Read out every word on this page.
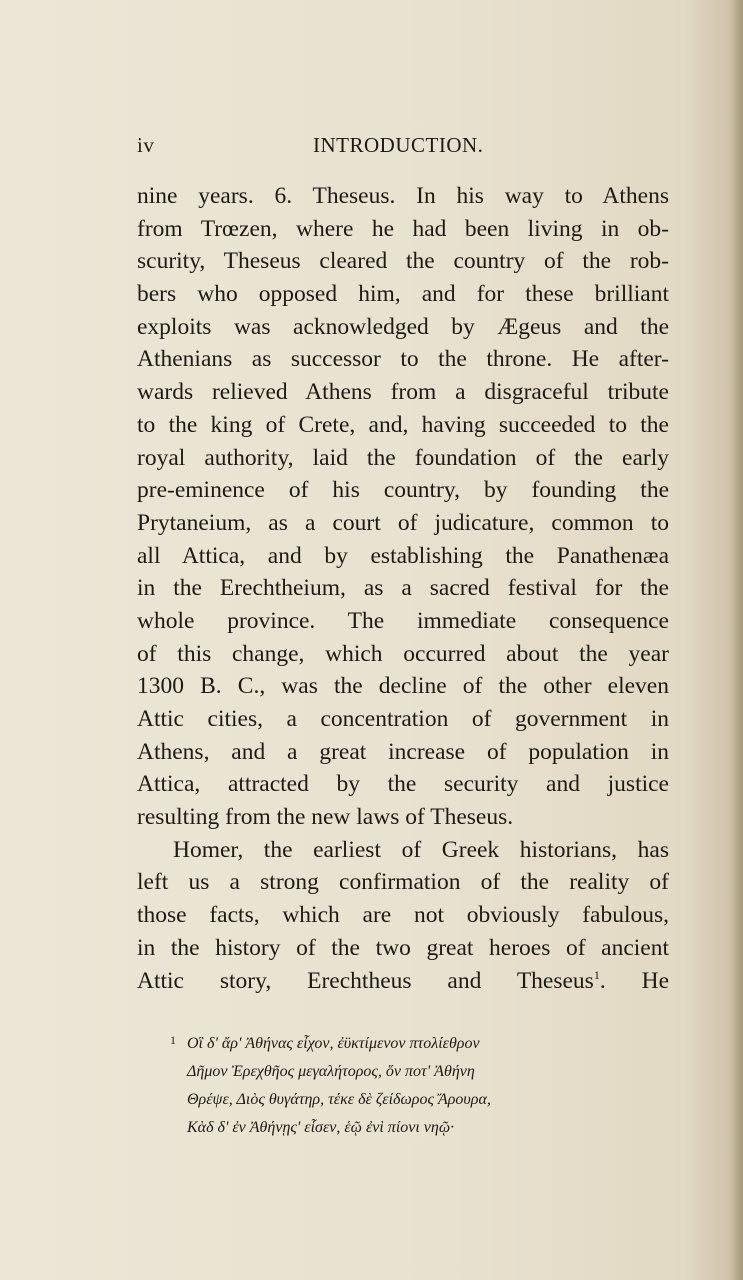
iv	INTRODUCTION.
nine years. 6. Theseus. In his way to Athens
from Trœzen, where he had been living in ob-
scurity, Theseus cleared the country of the rob-
bers who opposed him, and for these brilliant
exploits was acknowledged by Ægeus and the
Athenians as successor to the throne. He after-
wards relieved Athens from a disgraceful tribute
to the king of Crete, and, having succeeded to the
royal authority, laid the foundation of the early
pre-eminence of his country, by founding the
Prytaneium, as a court of judicature, common to
all Attica, and by establishing the Panathenæa
in the Erechtheium, as a sacred festival for the
whole province. The immediate consequence
of this change, which occurred about the year
1300 B. C., was the decline of the other eleven
Attic cities, a concentration of government in
Athens, and a great increase of population in
Attica, attracted by the security and justice
resulting from the new laws of Theseus.
Homer, the earliest of Greek historians, has
left us a strong confirmation of the reality of
those facts, which are not obviously fabulous,
in the history of the two great heroes of ancient
Attic story, Erechtheus and Theseus$^1$. He
1 Οἳ δ' ἄρ' Ἀθήνας εἶχον, ἐϋκτίμενον πτολίεθρον
Δῆμον Ἐρεχθῆος μεγαλήτορος, ὅν ποτ' Ἀθήνη
Θρέψε, Διὸς θυγάτηρ, τέκε δὲ ζείδωρος Ἄρουρα,
Κὰδ δ' ἐν Ἀθήνῃς' εἷσεν, ἑῷ ἐνὶ πίονι νηῷ·
